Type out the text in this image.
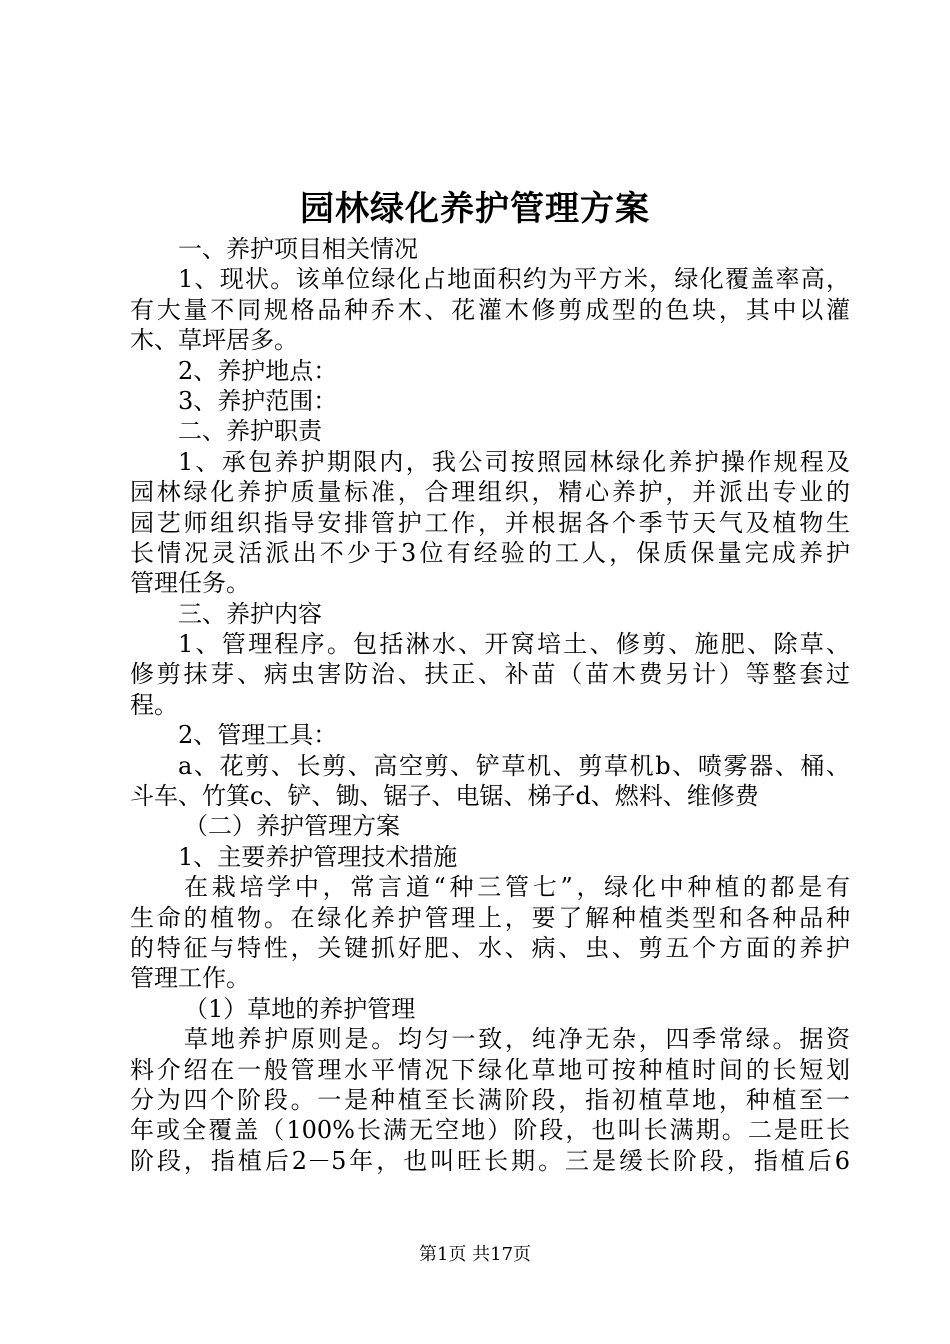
园林绿化养护管理方案
一、养护项目相关情况
1、现状。该单位绿化占地面积约为平方米，绿化覆盖率高，
有大量不同规格品种乔木、花灌木修剪成型的色块，其中以灌
木、草坪居多。
2、养护地点：
3、养护范围：
二、养护职责
1、承包养护期限内，我公司按照园林绿化养护操作规程及
园林绿化养护质量标准，合理组织，精心养护，并派出专业的
园艺师组织指导安排管护工作，并根据各个季节天气及植物生
长情况灵活派出不少于3位有经验的工人，保质保量完成养护
管理任务。
三、养护内容
1、管理程序。包括淋水、开窝培土、修剪、施肥、除草、
修剪抹芽、病虫害防治、扶正、补苗（苗木费另计）等整套过
程。
2、管理工具：
a、花剪、长剪、高空剪、铲草机、剪草机b、喷雾器、桶、
斗车、竹箕c、铲、锄、锯子、电锯、梯子d、燃料、维修费
（二）养护管理方案
1、主要养护管理技术措施
在栽培学中，常言道“种三管七”，绿化中种植的都是有
生命的植物。在绿化养护管理上，要了解种植类型和各种品种
的特征与特性，关键抓好肥、水、病、虫、剪五个方面的养护
管理工作。
（1）草地的养护管理
草地养护原则是。均匀一致，纯净无杂，四季常绿。据资
料介绍在一般管理水平情况下绿化草地可按种植时间的长短划
分为四个阶段。一是种植至长满阶段，指初植草地，种植至一
年或全覆盖（100%长满无空地）阶段，也叫长满期。二是旺长
阶段，指植后2－5年，也叫旺长期。三是缓长阶段，指植后6
第1页 共17页
